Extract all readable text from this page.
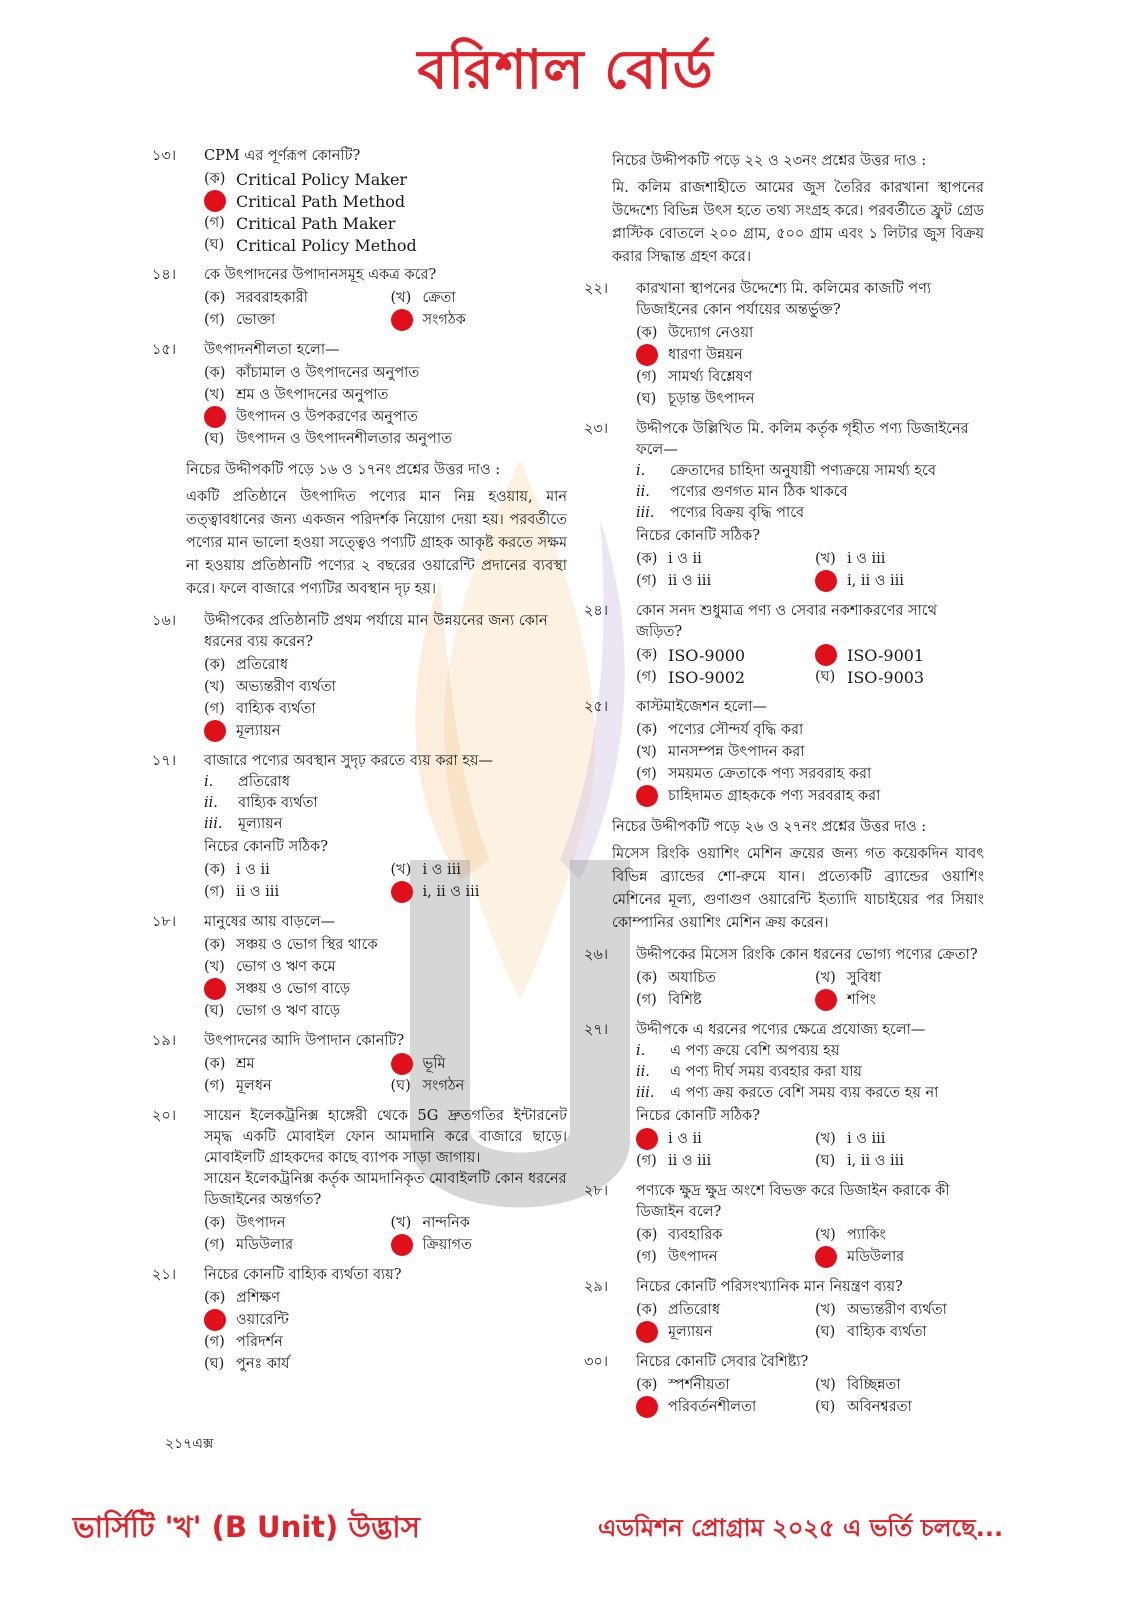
বরিশাল বোর্ড
১৩।	CPM এর পূর্ণরূপ কোনটি?
(ক) Critical Policy Maker
Critical Path Method
(গ) Critical Path Maker
(ঘ) Critical Policy Method
১৪।	কে উৎপাদনের উপাদানসমূহ একত্র করে?
(ক) সরবরাহকারী	(খ) ক্রেতা
(গ) ভোক্তা	সংগঠক
১৫।	উৎপাদনশীলতা হলো—
(ক) কাঁচামাল ও উৎপাদনের অনুপাত
(খ) শ্রম ও উৎপাদনের অনুপাত
উৎপাদন ও উপকরণের অনুপাত
(ঘ) উৎপাদন ও উৎপাদনশীলতার অনুপাত
নিচের উদ্দীপকটি পড়ে ১৬ ও ১৭নং প্রশ্নের উত্তর দাও :
একটি প্রতিষ্ঠানে উৎপাদিত পণ্যের মান নিম্ন হওয়ায়, মান তত্ত্বাবধানের জন্য একজন পরিদর্শক নিয়োগ দেয়া হয়। পরবর্তীতে পণ্যের মান ভালো হওয়া সত্ত্বেও পণ্যটি গ্রাহক আকৃষ্ট করতে সক্ষম না হওয়ায় প্রতিষ্ঠানটি পণ্যের ২ বছরের ওয়ারেন্টি প্রদানের ব্যবস্থা করে। ফলে বাজারে পণ্যটির অবস্থান দৃঢ় হয়।
১৬।	উদ্দীপকের প্রতিষ্ঠানটি প্রথম পর্যায়ে মান উন্নয়নের জন্য কোন ধরনের ব্যয় করেন?
(ক) প্রতিরোধ
(খ) অভ্যন্তরীণ ব্যর্থতা
(গ) বাহ্যিক ব্যর্থতা
মূল্যায়ন
১৭।	বাজারে পণ্যের অবস্থান সুদৃঢ় করতে ব্যয় করা হয়—
i.	প্রতিরোধ
ii.	বাহ্যিক ব্যর্থতা
iii.	মূল্যায়ন
নিচের কোনটি সঠিক?
(ক) i ও ii	(খ) i ও iii
(গ) ii ও iii	i, ii ও iii
১৮।	মানুষের আয় বাড়লে—
(ক) সঞ্চয় ও ভোগ স্থির থাকে
(খ) ভোগ ও ঋণ কমে
সঞ্চয় ও ভোগ বাড়ে
(ঘ) ভোগ ও ঋণ বাড়ে
১৯।	উৎপাদনের আদি উপাদান কোনটি?
(ক) শ্রম	ভূমি
(গ) মূলধন	(ঘ) সংগঠন
২০।	সায়েন ইলেকট্রনিক্স হাঙ্গেরী থেকে 5G দ্রুতগতির ইন্টারনেট সমৃদ্ধ একটি মোবাইল ফোন আমদানি করে বাজারে ছাড়ে। মোবাইলটি গ্রাহকদের কাছে ব্যাপক সাড়া জাগায়।
সায়েন ইলেকট্রনিক্স কর্তৃক আমদানিকৃত মোবাইলটি কোন ধরনের ডিজাইনের অন্তর্গত?
(ক) উৎপাদন	(খ) নান্দনিক
(গ) মডিউলার	ক্রিয়াগত
২১।	নিচের কোনটি বাহ্যিক ব্যর্থতা ব্যয়?
(ক) প্রশিক্ষণ
ওয়ারেন্টি
(গ) পরিদর্শন
(ঘ) পুনঃ কার্য
নিচের উদ্দীপকটি পড়ে ২২ ও ২৩নং প্রশ্নের উত্তর দাও :
মি. কলিম রাজশাহীতে আমের জুস তৈরির কারখানা স্থাপনের উদ্দেশ্যে বিভিন্ন উৎস হতে তথ্য সংগ্রহ করে। পরবর্তীতে ফ্রুট গ্রেড প্লাস্টিক বোতলে ২০০ গ্রাম, ৫০০ গ্রাম এবং ১ লিটার জুস বিক্রয় করার সিদ্ধান্ত গ্রহণ করে।
২২।	কারখানা স্থাপনের উদ্দেশ্যে মি. কলিমের কাজটি পণ্য ডিজাইনের কোন পর্যায়ের অন্তর্ভুক্ত?
(ক) উদ্যোগ নেওয়া
ধারণা উন্নয়ন
(গ) সামর্থ্য বিশ্লেষণ
(ঘ) চূড়ান্ত উৎপাদন
২৩।	উদ্দীপকে উল্লিখিত মি. কলিম কর্তৃক গৃহীত পণ্য ডিজাইনের ফলে—
i.	ক্রেতাদের চাহিদা অনুযায়ী পণ্যক্রয়ে সামর্থ্য হবে
ii.	পণ্যের গুণগত মান ঠিক থাকবে
iii.	পণ্যের বিক্রয় বৃদ্ধি পাবে
নিচের কোনটি সঠিক?
(ক) i ও ii	(খ) i ও iii
(গ) ii ও iii	i, ii ও iii
২৪।	কোন সনদ শুধুমাত্র পণ্য ও সেবার নকশাকরণের সাথে জড়িত?
(ক) ISO-9000	ISO-9001
(গ) ISO-9002	(ঘ) ISO-9003
২৫।	কাস্টমাইজেশন হলো—
(ক) পণ্যের সৌন্দর্য বৃদ্ধি করা
(খ) মানসম্পন্ন উৎপাদন করা
(গ) সময়মত ক্রেতাকে পণ্য সরবরাহ করা
চাহিদামত গ্রাহককে পণ্য সরবরাহ করা
নিচের উদ্দীপকটি পড়ে ২৬ ও ২৭নং প্রশ্নের উত্তর দাও :
মিসেস রিংকি ওয়াশিং মেশিন ক্রয়ের জন্য গত কয়েকদিন যাবৎ বিভিন্ন ব্র্যান্ডের শো-রুমে যান। প্রত্যেকটি ব্র্যান্ডের ওয়াশিং মেশিনের মূল্য, গুণাগুণ ওয়ারেন্টি ইত্যাদি যাচাইয়ের পর সিয়াং কোম্পানির ওয়াশিং মেশিন ক্রয় করেন।
২৬।	উদ্দীপকের মিসেস রিংকি কোন ধরনের ভোগ্য পণ্যের ক্রেতা?
(ক) অযাচিত	(খ) সুবিধা
(গ) বিশিষ্ট	শপিং
২৭।	উদ্দীপকে এ ধরনের পণ্যের ক্ষেত্রে প্রযোজ্য হলো—
i.	এ পণ্য ক্রয়ে বেশি অপব্যয় হয়
ii.	এ পণ্য দীর্ঘ সময় ব্যবহার করা যায়
iii.	এ পণ্য ক্রয় করতে বেশি সময় ব্যয় করতে হয় না
নিচের কোনটি সঠিক?
i ও ii	(খ) i ও iii
(গ) ii ও iii	(ঘ) i, ii ও iii
২৮।	পণ্যকে ক্ষুদ্র ক্ষুদ্র অংশে বিভক্ত করে ডিজাইন করাকে কী ডিজাইন বলে?
(ক) ব্যবহারিক	(খ) প্যাকিং
(গ) উৎপাদন	মডিউলার
২৯।	নিচের কোনটি পরিসংখ্যানিক মান নিয়ন্ত্রণ ব্যয়?
(ক) প্রতিরোধ	(খ) অভ্যন্তরীণ ব্যর্থতা
মূল্যায়ন	(ঘ) বাহ্যিক ব্যর্থতা
৩০।	নিচের কোনটি সেবার বৈশিষ্ট্য?
(ক) স্পর্শনীয়তা	(খ) বিচ্ছিন্নতা
পরিবর্তনশীলতা	(ঘ) অবিনশ্বরতা
২১৭এক্স
ভার্সিটি 'খ' (B Unit) উদ্ভাস	এডমিশন প্রোগ্রাম ২০২৫ এ ভর্তি চলছে...
